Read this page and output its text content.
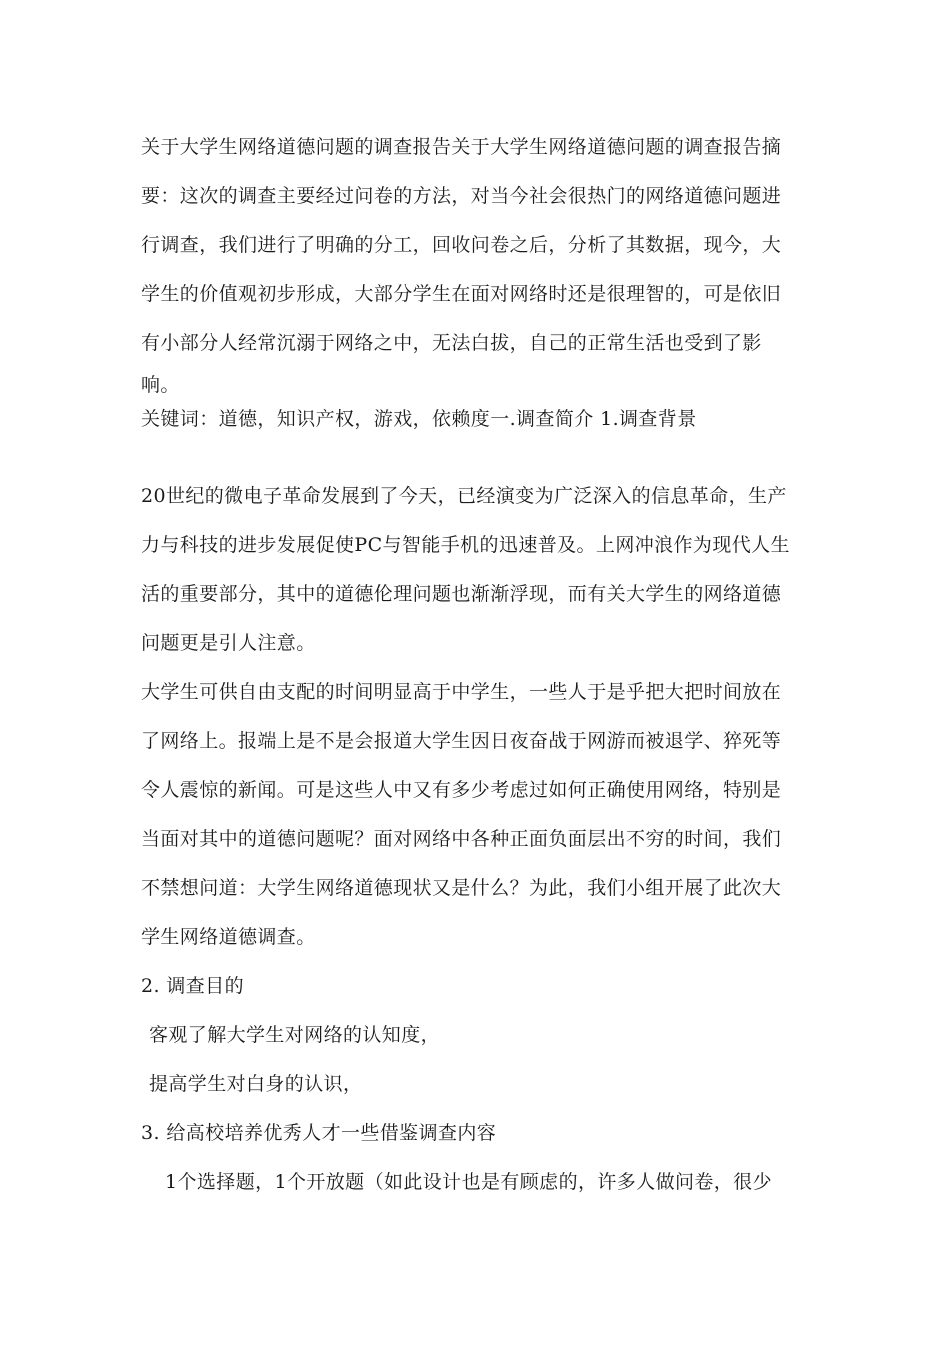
关于大学生网络道德问题的调查报告关于大学生网络道德问题的调查报告摘
要：这次的调查主要经过问卷的方法，对当今社会很热门的网络道德问题进
行调查，我们进行了明确的分工，回收问卷之后，分析了其数据，现今，大
学生的价值观初步形成，大部分学生在面对网络时还是很理智的，可是依旧
有小部分人经常沉溺于网络之中，无法白拔，自己的正常生活也受到了影
响。
关键词：道德，知识产权，游戏，依赖度一.调查简介 1.调查背景
20世纪的微电子革命发展到了今天，已经演变为广泛深入的信息革命，生产
力与科技的进步发展促使PC与智能手机的迅速普及。上网冲浪作为现代人生
活的重要部分，其中的道德伦理问题也渐渐浮现，而有关大学生的网络道德
问题更是引人注意。
大学生可供自由支配的时间明显高于中学生，一些人于是乎把大把时间放在
了网络上。报端上是不是会报道大学生因日夜奋战于网游而被退学、猝死等
令人震惊的新闻。可是这些人中又有多少考虑过如何正确使用网络，特别是
当面对其中的道德问题呢？面对网络中各种正面负面层出不穷的时间，我们
不禁想问道：大学生网络道德现状又是什么？为此，我们小组开展了此次大
学生网络道德调查。
2. 调查目的
客观了解大学生对网络的认知度，
提高学生对白身的认识，
3. 给高校培养优秀人才一些借鉴调查内容
1个选择题，1个开放题（如此设计也是有顾虑的，许多人做问卷，很少
